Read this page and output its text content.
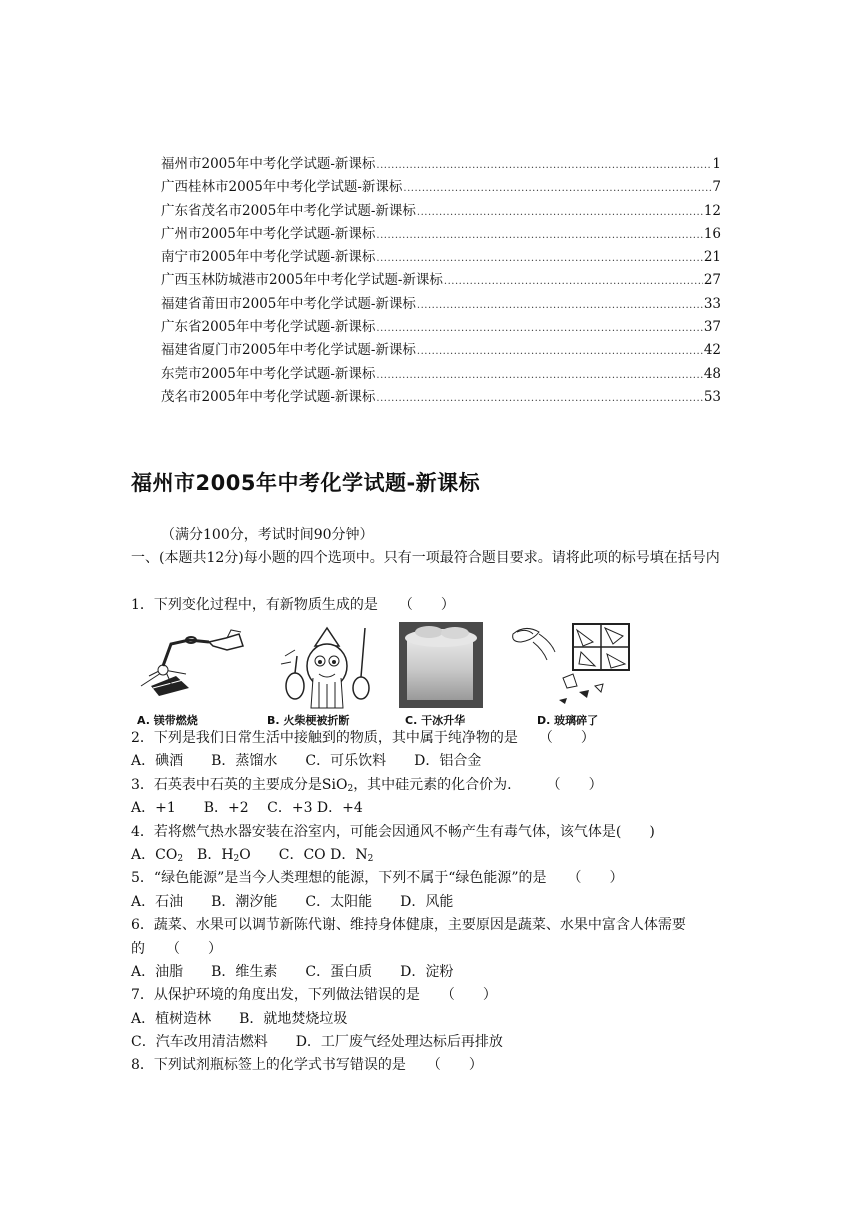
福州市2005年中考化学试题-新课标 .....	1
广西桂林市2005年中考化学试题-新课标 .....	7
广东省茂名市2005年中考化学试题-新课标 .....	12
广州市2005年中考化学试题-新课标 .....	16
南宁市2005年中考化学试题-新课标 .....	21
广西玉林防城港市2005年中考化学试题-新课标 .....	27
福建省莆田市2005年中考化学试题-新课标 .....	33
广东省2005年中考化学试题-新课标 .....	37
福建省厦门市2005年中考化学试题-新课标 .....	42
东莞市2005年中考化学试题-新课标 .....	48
茂名市2005年中考化学试题-新课标 .....	53
福州市2005年中考化学试题-新课标
（满分100分，考试时间90分钟）
一、(本题共12分)每小题的四个选项中。只有一项最符合题目要求。请将此项的标号填在括号内
1．下列变化过程中，有新物质生成的是　　（　　）
A. 镁带燃烧	B. 火柴梗被折断	C. 干冰升华	D. 玻璃碎了
2．下列是我们日常生活中接触到的物质，其中属于纯净物的是　　（　　）
A．碘酒　　B．蒸馏水　　C．可乐饮料　　D．铝合金
3．石英表中石英的主要成分是SiO$_2$，其中硅元素的化合价为.　　　（　　）
A．+1　　B．+2　 C．+3 D．+4
4．若将燃气热水器安装在浴室内，可能会因通风不畅产生有毒气体，该气体是(　　)
A．$CO_2$　B．$H_2O$　　C．CO D．$N_2$
5．“绿色能源”是当今人类理想的能源，下列不属于“绿色能源”的是　　（　　）
A．石油　　B．潮汐能　　C．太阳能　　D．风能
6．蔬菜、水果可以调节新陈代谢、维持身体健康，主要原因是蔬菜、水果中富含人体需要
的　　（　　）
A．油脂　　B．维生素　　C．蛋白质　　D．淀粉
7．从保护环境的角度出发，下列做法错误的是　　（　　）
A．植树造林　　B．就地焚烧垃圾
C．汽车改用清洁燃料　　D．工厂废气经处理达标后再排放
8．下列试剂瓶标签上的化学式书写错误的是　　（　　）
